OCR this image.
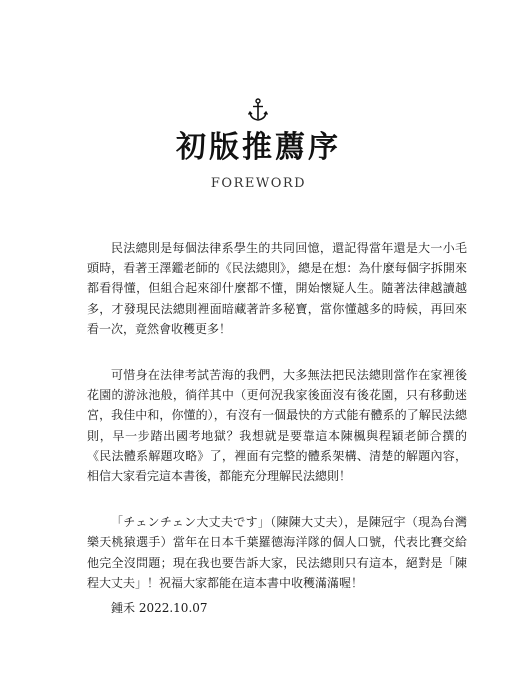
初版推薦序
FOREWORD

民法總則是每個法律系學生的共同回憶，還記得當年還是大一小毛頭時，看著王澤鑑老師的《民法總則》，總是在想：為什麼每個字拆開來都看得懂，但組合起來卻什麼都不懂，開始懷疑人生。隨著法律越讀越多，才發現民法總則裡面暗藏著許多秘寶，當你懂越多的時候，再回來看一次，竟然會收穫更多！

可惜身在法律考試苦海的我們，大多無法把民法總則當作在家裡後花園的游泳池般，徜徉其中（更何況我家後面沒有後花園，只有移動迷宮，我佳中和，你懂的），有沒有一個最快的方式能有體系的了解民法總則，早一步踏出國考地獄？我想就是要靠這本陳楓與程穎老師合撰的《民法體系解題攻略》了，裡面有完整的體系架構、清楚的解題內容，相信大家看完這本書後，都能充分理解民法總則！

「チェンチェン大丈夫です」（陳陳大丈夫），是陳冠宇（現為台灣樂天桃猿選手）當年在日本千葉羅德海洋隊的個人口號，代表比賽交給他完全沒問題；現在我也要告訴大家，民法總則只有這本，絕對是「陳程大丈夫」！祝福大家都能在這本書中收穫滿滿喔！

鍾禾 2022.10.07
